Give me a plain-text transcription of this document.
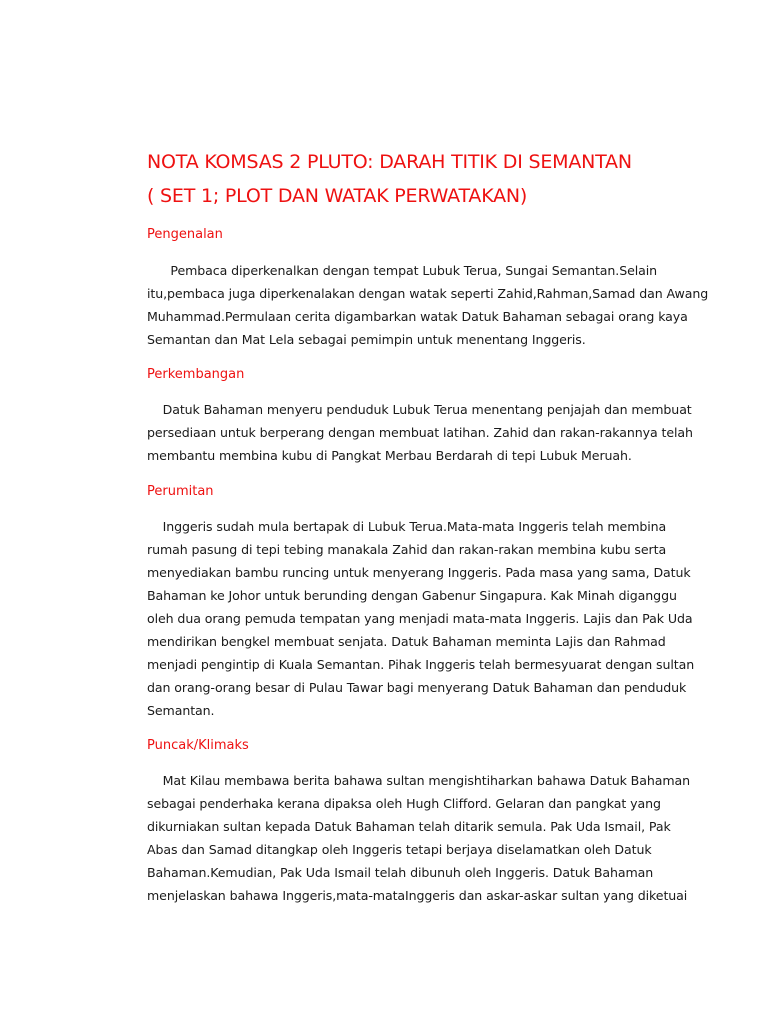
NOTA KOMSAS 2 PLUTO: DARAH TITIK DI SEMANTAN
( SET 1; PLOT DAN WATAK PERWATAKAN)
Pengenalan
Pembaca diperkenalkan dengan tempat Lubuk Terua, Sungai Semantan.Selain
itu,pembaca juga diperkenalakan dengan watak seperti Zahid,Rahman,Samad dan Awang
Muhammad.Permulaan cerita digambarkan watak Datuk Bahaman sebagai orang kaya
Semantan dan Mat Lela sebagai pemimpin untuk menentang Inggeris.
Perkembangan
Datuk Bahaman menyeru penduduk Lubuk Terua menentang penjajah dan membuat
persediaan untuk berperang dengan membuat latihan. Zahid dan rakan-rakannya telah
membantu membina kubu di Pangkat Merbau Berdarah di tepi Lubuk Meruah.
Perumitan
Inggeris sudah mula bertapak di Lubuk Terua.Mata-mata Inggeris telah membina
rumah pasung di tepi tebing manakala Zahid dan rakan-rakan membina kubu serta
menyediakan bambu runcing untuk menyerang Inggeris. Pada masa yang sama, Datuk
Bahaman ke Johor untuk berunding dengan Gabenur Singapura. Kak Minah diganggu
oleh dua orang pemuda tempatan yang menjadi mata-mata Inggeris. Lajis dan Pak Uda
mendirikan bengkel membuat senjata. Datuk Bahaman meminta Lajis dan Rahmad
menjadi pengintip di Kuala Semantan. Pihak Inggeris telah bermesyuarat dengan sultan
dan orang-orang besar di Pulau Tawar bagi menyerang Datuk Bahaman dan penduduk
Semantan.
Puncak/Klimaks
Mat Kilau membawa berita bahawa sultan mengishtiharkan bahawa Datuk Bahaman
sebagai penderhaka kerana dipaksa oleh Hugh Clifford. Gelaran dan pangkat yang
dikurniakan sultan kepada Datuk Bahaman telah ditarik semula. Pak Uda Ismail, Pak
Abas dan Samad ditangkap oleh Inggeris tetapi berjaya diselamatkan oleh Datuk
Bahaman.Kemudian, Pak Uda Ismail telah dibunuh oleh Inggeris. Datuk Bahaman
menjelaskan bahawa Inggeris,mata-mataInggeris dan askar-askar sultan yang diketuai
